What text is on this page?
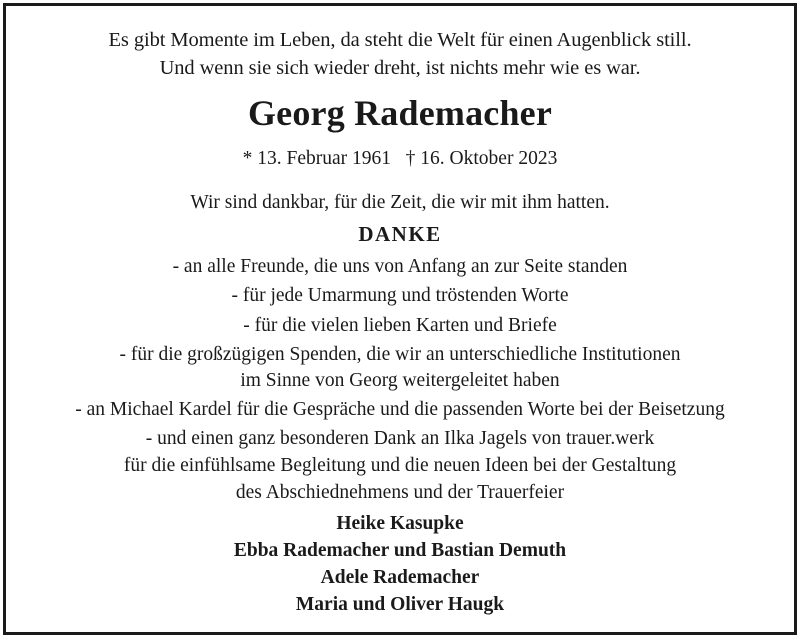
Es gibt Momente im Leben, da steht die Welt für einen Augenblick still.
Und wenn sie sich wieder dreht, ist nichts mehr wie es war.
Georg Rademacher
* 13. Februar 1961   † 16. Oktober 2023
Wir sind dankbar, für die Zeit, die wir mit ihm hatten.
DANKE
- an alle Freunde, die uns von Anfang an zur Seite standen
- für jede Umarmung und tröstenden Worte
- für die vielen lieben Karten und Briefe
- für die großzügigen Spenden, die wir an unterschiedliche Institutionen
im Sinne von Georg weitergeleitet haben
- an Michael Kardel für die Gespräche und die passenden Worte bei der Beisetzung
- und einen ganz besonderen Dank an Ilka Jagels von trauer.werk
für die einfühlsame Begleitung und die neuen Ideen bei der Gestaltung
des Abschiednehmens und der Trauerfeier
Heike Kasupke
Ebba Rademacher und Bastian Demuth
Adele Rademacher
Maria und Oliver Haugk
